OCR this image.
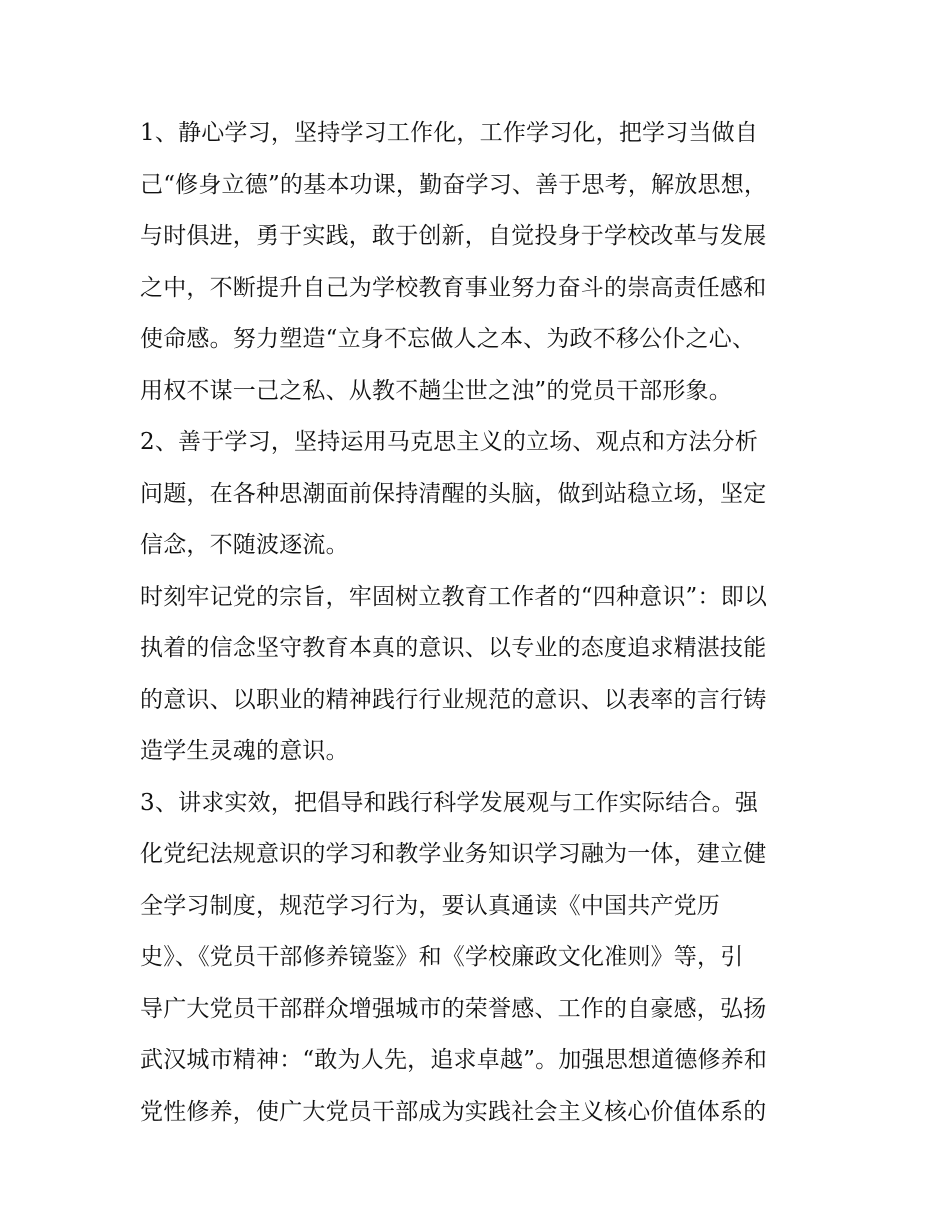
1、静心学习，坚持学习工作化，工作学习化，把学习当做自
己“修身立德”的基本功课，勤奋学习、善于思考，解放思想，
与时俱进，勇于实践，敢于创新，自觉投身于学校改革与发展
之中，不断提升自己为学校教育事业努力奋斗的崇高责任感和
使命感。努力塑造“立身不忘做人之本、为政不移公仆之心、
用权不谋一己之私、从教不趟尘世之浊”的党员干部形象。
2、善于学习，坚持运用马克思主义的立场、观点和方法分析
问题，在各种思潮面前保持清醒的头脑，做到站稳立场，坚定
信念，不随波逐流。
时刻牢记党的宗旨，牢固树立教育工作者的“四种意识”：即以
执着的信念坚守教育本真的意识、以专业的态度追求精湛技能
的意识、以职业的精神践行行业规范的意识、以表率的言行铸
造学生灵魂的意识。
3、讲求实效，把倡导和践行科学发展观与工作实际结合。强
化党纪法规意识的学习和教学业务知识学习融为一体，建立健
全学习制度，规范学习行为，要认真通读《中国共产党历
史》、《党员干部修养镜鉴》和《学校廉政文化准则》等，引
导广大党员干部群众增强城市的荣誉感、工作的自豪感，弘扬
武汉城市精神：“敢为人先，追求卓越”。加强思想道德修养和
党性修养，使广大党员干部成为实践社会主义核心价值体系的
